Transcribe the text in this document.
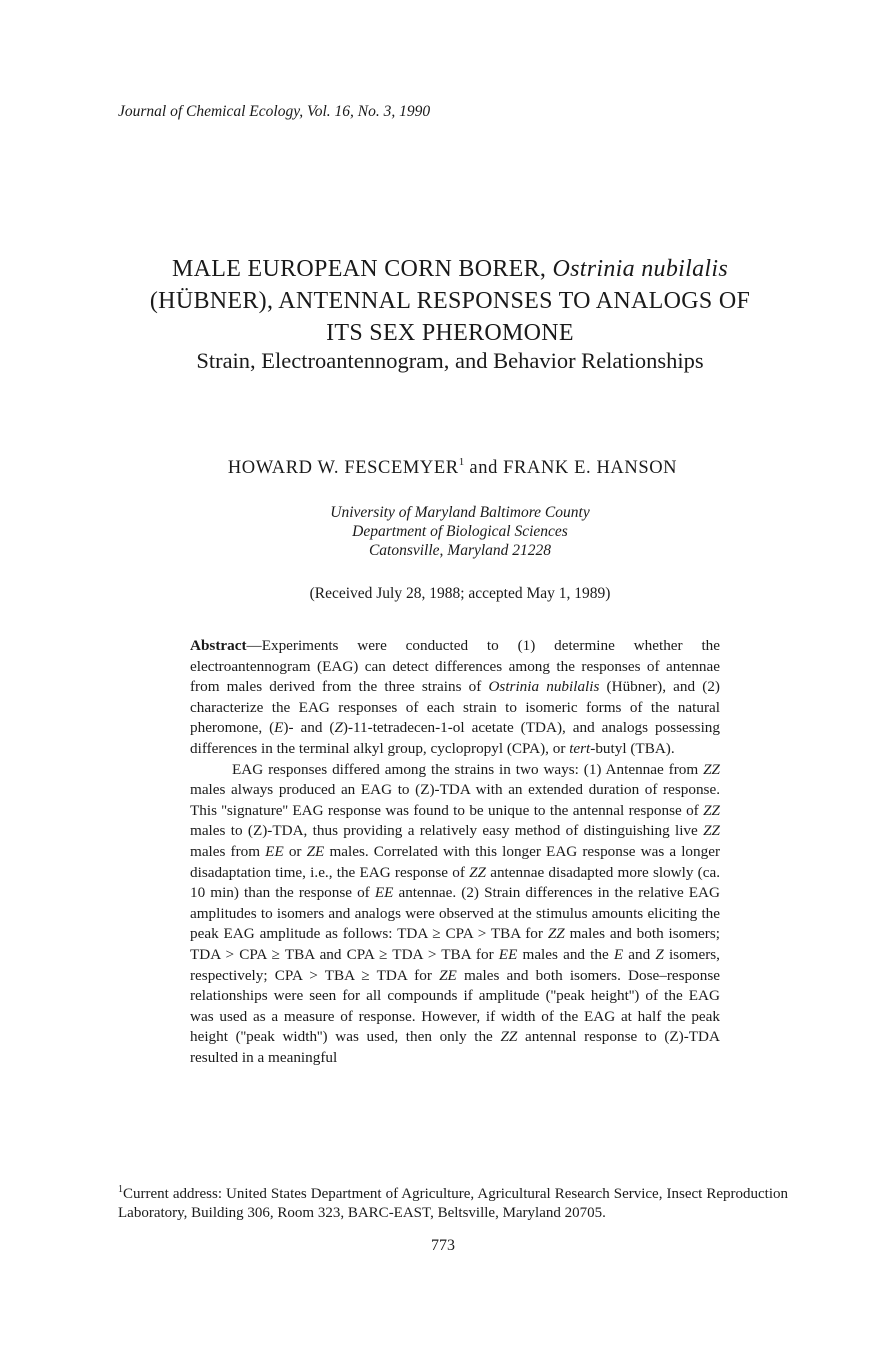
Journal of Chemical Ecology, Vol. 16, No. 3, 1990
MALE EUROPEAN CORN BORER, Ostrinia nubilalis
(HÜBNER), ANTENNAL RESPONSES TO ANALOGS OF
ITS SEX PHEROMONE
Strain, Electroantennogram, and Behavior Relationships
HOWARD W. FESCEMYER$^1$ and FRANK E. HANSON
University of Maryland Baltimore County
Department of Biological Sciences
Catonsville, Maryland 21228
(Received July 28, 1988; accepted May 1, 1989)

Abstract—Experiments were conducted to (1) determine whether the electroantennogram (EAG) can detect differences among the responses of antennae from males derived from the three strains of Ostrinia nubilalis (Hübner), and (2) characterize the EAG responses of each strain to isomeric forms of the natural pheromone, (E)- and (Z)-11-tetradecen-1-ol acetate (TDA), and analogs possessing differences in the terminal alkyl group, cyclopropyl (CPA), or tert-butyl (TBA).

EAG responses differed among the strains in two ways: (1) Antennae from ZZ males always produced an EAG to (Z)-TDA with an extended duration of response. This ''signature'' EAG response was found to be unique to the antennal response of ZZ males to (Z)-TDA, thus providing a relatively easy method of distinguishing live ZZ males from EE or ZE males. Correlated with this longer EAG response was a longer disadaptation time, i.e., the EAG response of ZZ antennae disadapted more slowly (ca. 10 min) than the response of EE antennae. (2) Strain differences in the relative EAG amplitudes to isomers and analogs were observed at the stimulus amounts eliciting the peak EAG amplitude as follows: TDA ≥ CPA > TBA for ZZ males and both isomers; TDA > CPA ≥ TBA and CPA ≥ TDA > TBA for EE males and the E and Z isomers, respectively; CPA > TBA ≥ TDA for ZE males and both isomers. Dose–response relationships were seen for all compounds if amplitude (''peak height'') of the EAG was used as a measure of response. However, if width of the EAG at half the peak height (''peak width'') was used, then only the ZZ antennal response to (Z)-TDA resulted in a meaningful

$^1$Current address: United States Department of Agriculture, Agricultural Research Service, Insect Reproduction Laboratory, Building 306, Room 323, BARC-EAST, Beltsville, Maryland 20705.
773
